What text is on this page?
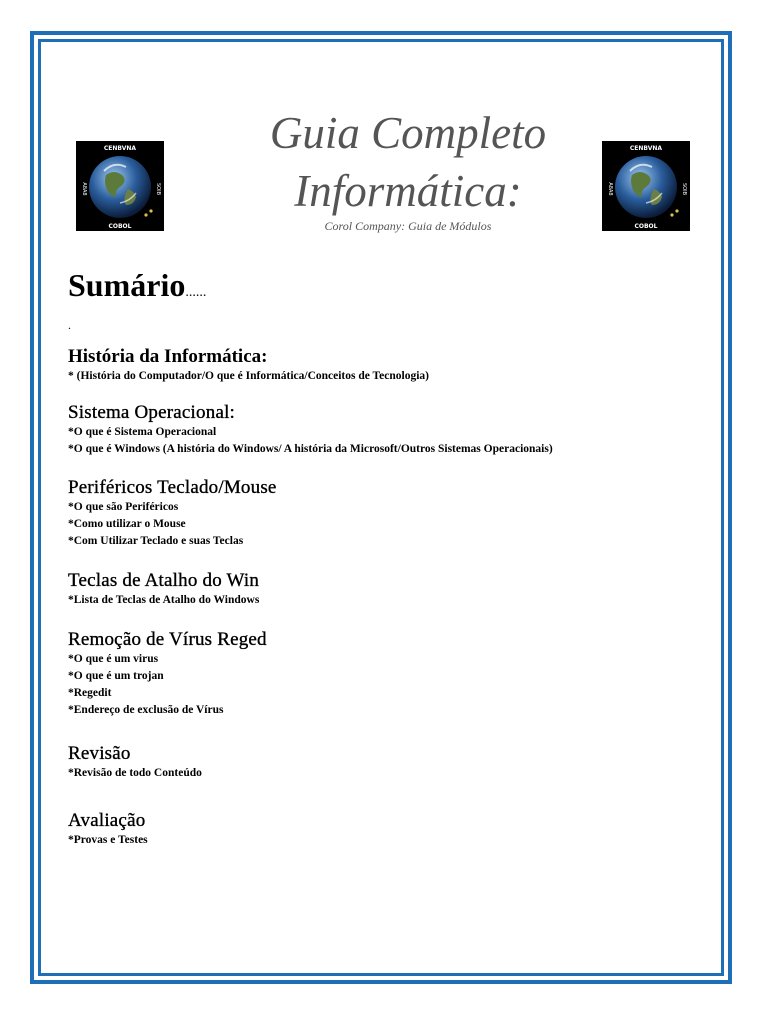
CENBVNA
COBOL
A8A8	SOIB
CENBVNA
COBOL
A8A8	SOIB
Guia Completo
Informática:
Corol Company: Guia de Módulos
Sumário......
.

História da Informática:

* (História do Computador/O que é Informática/Conceitos de Tecnologia)

Sistema Operacional:

*O que é Sistema Operacional

*O que é Windows (A história do Windows/ A história da Microsoft/Outros Sistemas Operacionais)

Periféricos Teclado/Mouse

*O que são Periféricos

*Como utilizar o Mouse

*Com Utilizar Teclado e suas Teclas

Teclas de Atalho do Win

*Lista de Teclas de Atalho do Windows

Remoção de Vírus Reged

*O que é um virus

*O que é um trojan

*Regedit

*Endereço de exclusão de Vírus

Revisão

*Revisão de todo Conteúdo

Avaliação

*Provas e Testes
